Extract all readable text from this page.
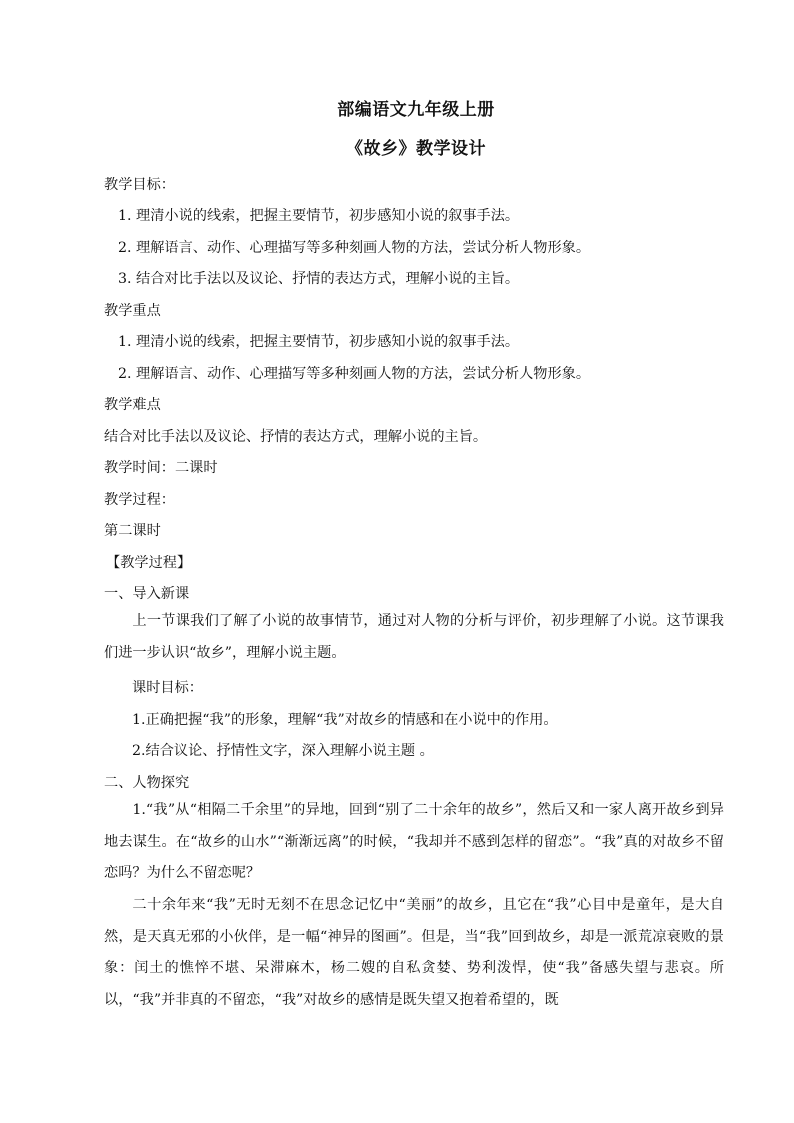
部编语文九年级上册
《故乡》教学设计
教学目标：
1. 理清小说的线索，把握主要情节，初步感知小说的叙事手法。
2. 理解语言、动作、心理描写等多种刻画人物的方法，尝试分析人物形象。
3. 结合对比手法以及议论、抒情的表达方式，理解小说的主旨。
教学重点
1. 理清小说的线索，把握主要情节，初步感知小说的叙事手法。
2. 理解语言、动作、心理描写等多种刻画人物的方法，尝试分析人物形象。
教学难点
结合对比手法以及议论、抒情的表达方式，理解小说的主旨。
教学时间：二课时
教学过程：
第二课时
【教学过程】
一、导入新课
上一节课我们了解了小说的故事情节，通过对人物的分析与评价，初步理解了小说。这节课我们进一步认识“故乡”，理解小说主题。
课时目标：
1.正确把握“我”的形象，理解“我”对故乡的情感和在小说中的作用。
2.结合议论、抒情性文字，深入理解小说主题 。
二、人物探究
1.“我”从“相隔二千余里”的异地，回到“别了二十余年的故乡”，然后又和一家人离开故乡到异地去谋生。在“故乡的山水”“渐渐远离”的时候，“我却并不感到怎样的留恋”。“我”真的对故乡不留恋吗？为什么不留恋呢？
二十余年来“我”无时无刻不在思念记忆中“美丽”的故乡，且它在“我”心目中是童年，是大自然，是天真无邪的小伙伴，是一幅“神异的图画”。但是，当“我”回到故乡，却是一派荒凉衰败的景象：闰土的憔悴不堪、呆滞麻木，杨二嫂的自私贪婪、势利泼悍，使“我”备感失望与悲哀。所以，“我”并非真的不留恋，“我”对故乡的感情是既失望又抱着希望的，既
